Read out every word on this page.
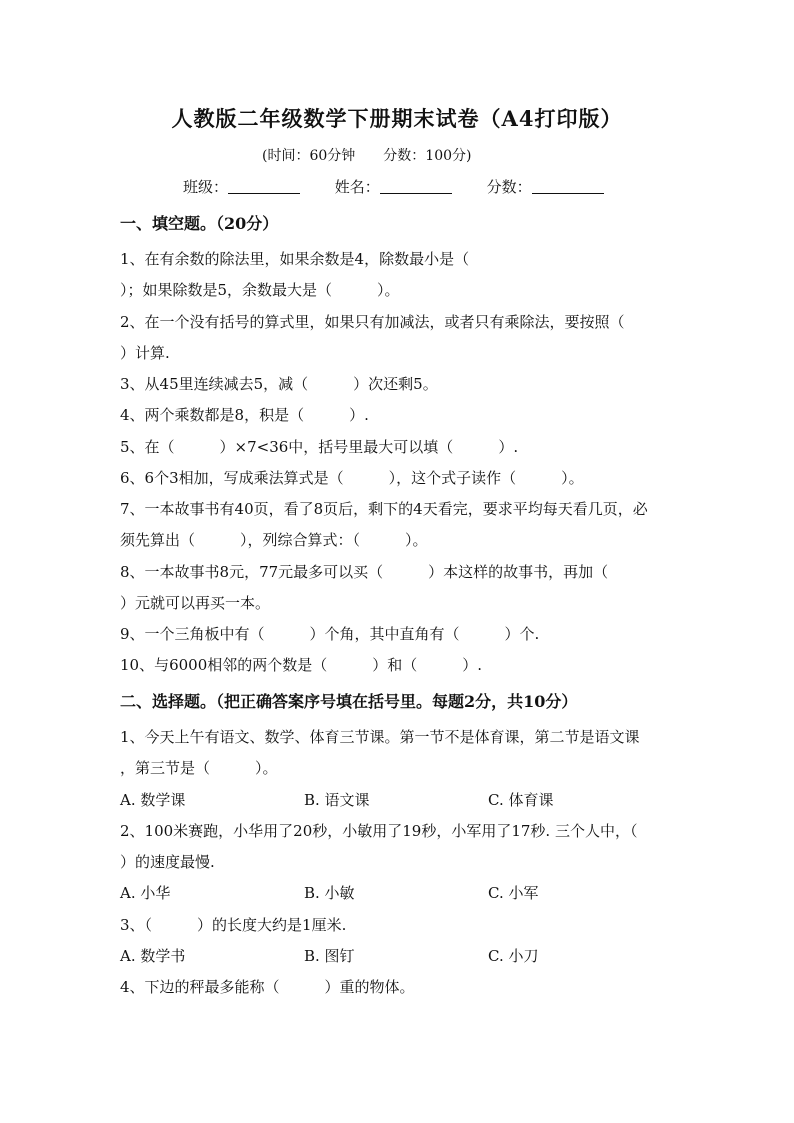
人教版二年级数学下册期末试卷（A4打印版）
(时间：60分钟 分数：100分)
班级：	姓名：	分数：
一、填空题。（20分）
1、在有余数的除法里，如果余数是4，除数最小是（
）；如果除数是5，余数最大是（　　　）。
2、在一个没有括号的算式里，如果只有加减法，或者只有乘除法，要按照（
）计算.
3、从45里连续减去5，减（　　　）次还剩5。
4、两个乘数都是8，积是（　　　）.
5、在（　　　）×7<36中，括号里最大可以填（　　　）.
6、6个3相加，写成乘法算式是（　　　），这个式子读作（　　　）。
7、一本故事书有40页，看了8页后，剩下的4天看完，要求平均每天看几页，必
须先算出（　　　），列综合算式：（　　　）。
8、一本故事书8元，77元最多可以买（　　　）本这样的故事书，再加（
）元就可以再买一本。
9、一个三角板中有（　　　）个角，其中直角有（　　　）个.
10、与6000相邻的两个数是（　　　）和（　　　）.
二、选择题。（把正确答案序号填在括号里。每题2分，共10分）
1、今天上午有语文、数学、体育三节课。第一节不是体育课，第二节是语文课
，第三节是（　　　）。
A. 数学课	B. 语文课	C. 体育课
2、100米赛跑，小华用了20秒，小敏用了19秒，小军用了17秒. 三个人中，（
）的速度最慢.
A. 小华	B. 小敏	C. 小军
3、（　　　）的长度大约是1厘米.
A. 数学书	B. 图钉	C. 小刀
4、下边的秤最多能称（　　　）重的物体。
